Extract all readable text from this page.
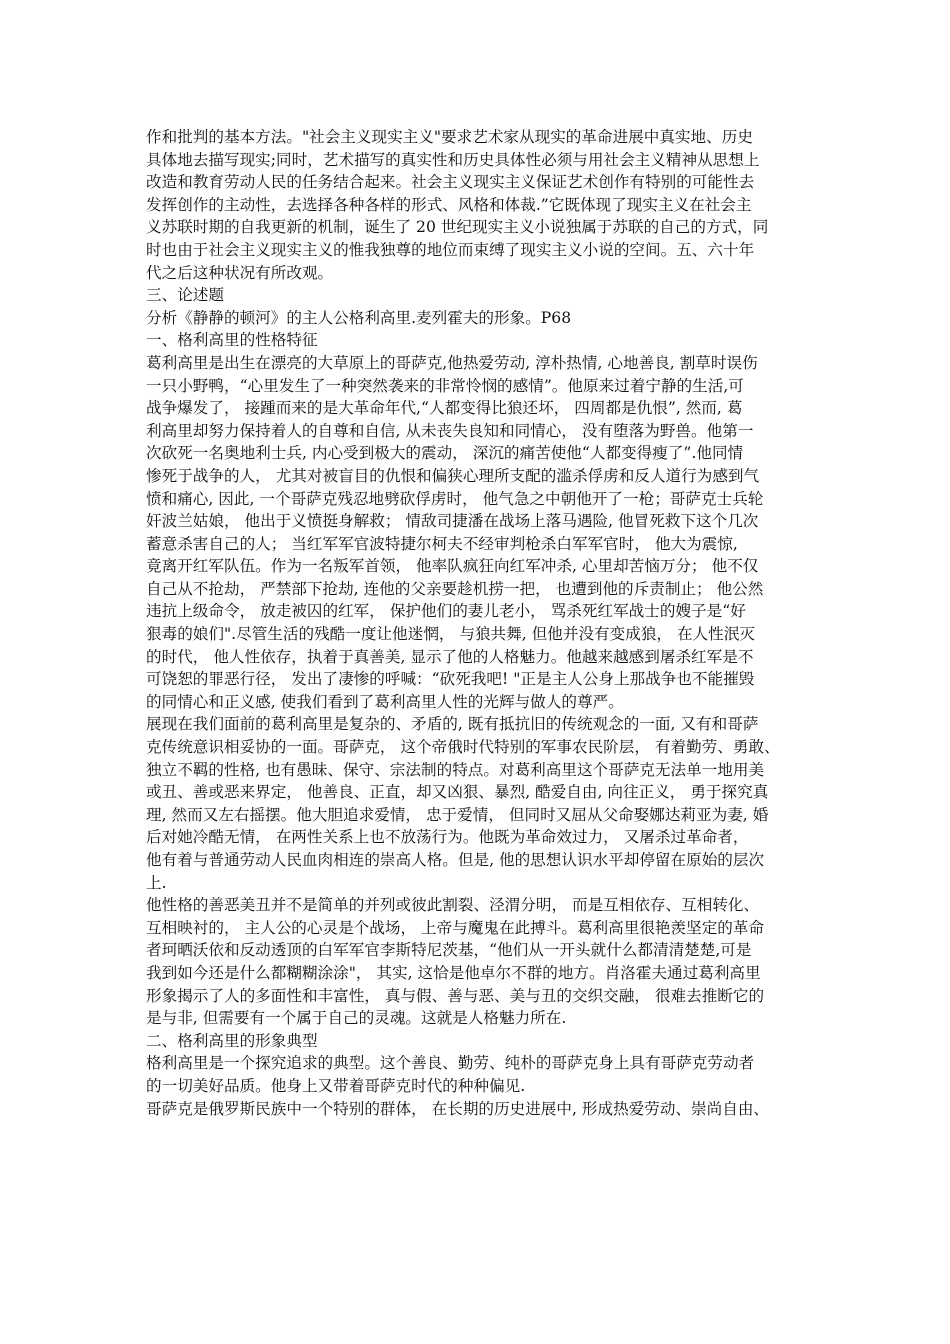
作和批判的基本方法。"社会主义现实主义"要求艺术家从现实的革命进展中真实地、历史
具体地去描写现实;同时，艺术描写的真实性和历史具体性必须与用社会主义精神从思想上
改造和教育劳动人民的任务结合起来。社会主义现实主义保证艺术创作有特别的可能性去
发挥创作的主动性，去选择各种各样的形式、风格和体裁.”它既体现了现实主义在社会主
义苏联时期的自我更新的机制，诞生了 20 世纪现实主义小说独属于苏联的自己的方式，同
时也由于社会主义现实主义的惟我独尊的地位而束缚了现实主义小说的空间。五、六十年
代之后这种状况有所改观。

三、论述题

分析《静静的顿河》的主人公格利高里.麦列霍夫的形象。P68

一、格利高里的性格特征

葛利高里是出生在漂亮的大草原上的哥萨克,他热爱劳动, 淳朴热情, 心地善良, 割草时误伤
一只小野鸭，“心里发生了一种突然袭来的非常怜悯的感情”。他原来过着宁静的生活,可
战争爆发了， 接踵而来的是大革命年代,“人都变得比狼还坏， 四周都是仇恨”, 然而, 葛
利高里却努力保持着人的自尊和自信, 从未丧失良知和同情心， 没有堕落为野兽。他第一
次砍死一名奥地利士兵, 内心受到极大的震动， 深沉的痛苦使他“人都变得瘦了”.他同情
惨死于战争的人， 尤其对被盲目的仇恨和偏狭心理所支配的滥杀俘虏和反人道行为感到气
愤和痛心, 因此, 一个哥萨克残忍地劈砍俘虏时， 他气急之中朝他开了一枪；哥萨克士兵轮
奸波兰姑娘， 他出于义愤挺身解救； 情敌司捷潘在战场上落马遇险, 他冒死救下这个几次
蓄意杀害自己的人； 当红军军官波特捷尔柯夫不经审判枪杀白军军官时， 他大为震惊,
竟离开红军队伍。作为一名叛军首领， 他率队疯狂向红军冲杀, 心里却苦恼万分； 他不仅
自己从不抢劫， 严禁部下抢劫, 连他的父亲要趁机捞一把， 也遭到他的斥责制止； 他公然
违抗上级命令， 放走被囚的红军， 保护他们的妻儿老小， 骂杀死红军战士的嫂子是“好
狠毒的娘们".尽管生活的残酷一度让他迷惘， 与狼共舞, 但他并没有变成狼， 在人性泯灭
的时代， 他人性依存，执着于真善美, 显示了他的人格魅力。他越来越感到屠杀红军是不
可饶恕的罪恶行径， 发出了凄惨的呼喊：“砍死我吧! "正是主人公身上那战争也不能摧毁
的同情心和正义感, 使我们看到了葛利高里人性的光辉与做人的尊严。

展现在我们面前的葛利高里是复杂的、矛盾的, 既有抵抗旧的传统观念的一面, 又有和哥萨
克传统意识相妥协的一面。哥萨克， 这个帝俄时代特别的军事农民阶层， 有着勤劳、勇敢、
独立不羁的性格, 也有愚昧、保守、宗法制的特点。对葛利高里这个哥萨克无法单一地用美
或丑、善或恶来界定， 他善良、正直，却又凶狠、暴烈, 酷爱自由, 向往正义， 勇于探究真
理, 然而又左右摇摆。他大胆追求爱情， 忠于爱情， 但同时又屈从父命娶娜达莉亚为妻, 婚
后对她冷酷无情， 在两性关系上也不放荡行为。他既为革命效过力， 又屠杀过革命者，
他有着与普通劳动人民血肉相连的崇高人格。但是, 他的思想认识水平却停留在原始的层次
上.

他性格的善恶美丑并不是简单的并列或彼此割裂、泾渭分明， 而是互相依存、互相转化、
互相映衬的， 主人公的心灵是个战场， 上帝与魔鬼在此搏斗。葛利高里很艳羡坚定的革命
者珂晒沃依和反动透顶的白军军官李斯特尼茨基，“他们从一开头就什么都清清楚楚,可是
我到如今还是什么都糊糊涂涂"， 其实, 这恰是他卓尔不群的地方。肖洛霍夫通过葛利高里
形象揭示了人的多面性和丰富性， 真与假、善与恶、美与丑的交织交融， 很难去推断它的
是与非, 但需要有一个属于自己的灵魂。这就是人格魅力所在.

二、格利高里的形象典型

格利高里是一个探究追求的典型。这个善良、勤劳、纯朴的哥萨克身上具有哥萨克劳动者
的一切美好品质。他身上又带着哥萨克时代的种种偏见.

哥萨克是俄罗斯民族中一个特别的群体， 在长期的历史进展中, 形成热爱劳动、崇尚自由、
